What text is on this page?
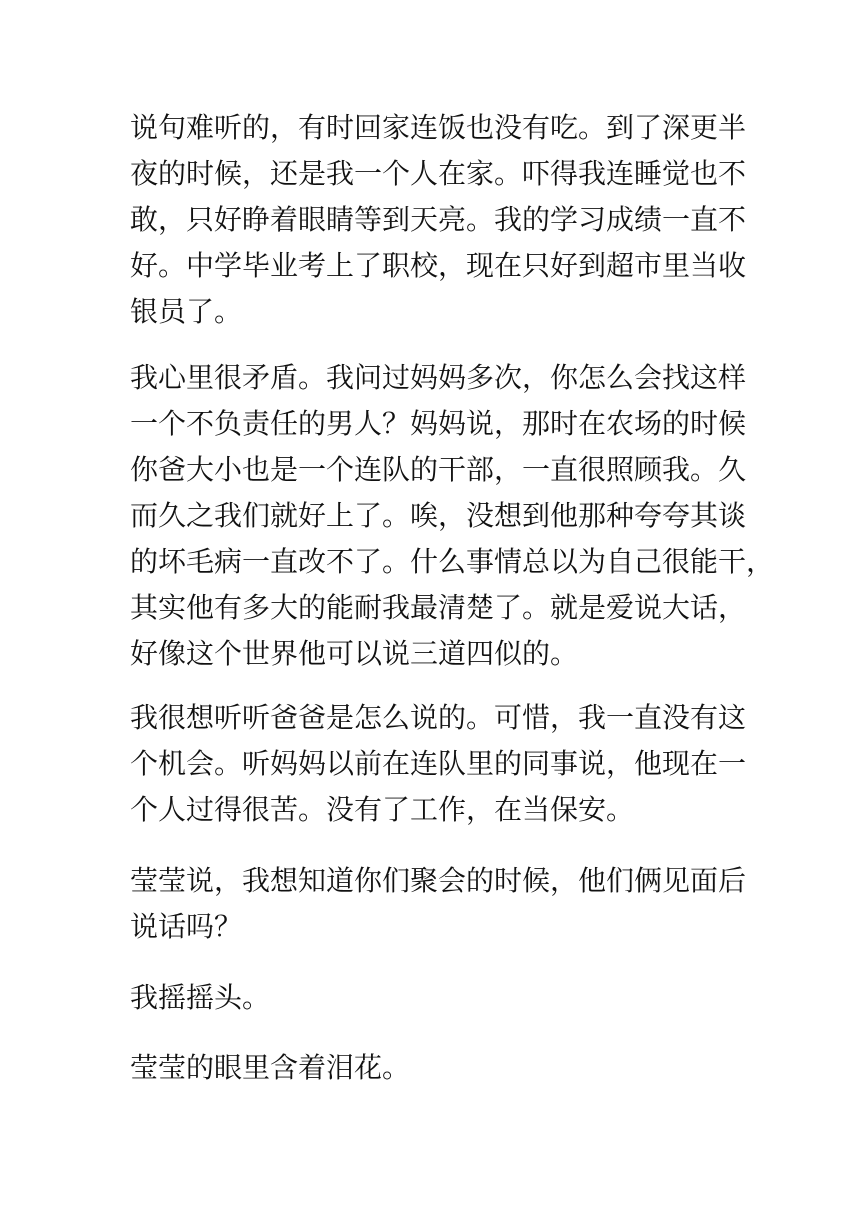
说句难听的，有时回家连饭也没有吃。到了深更半
夜的时候，还是我一个人在家。吓得我连睡觉也不
敢，只好睁着眼睛等到天亮。我的学习成绩一直不
好。中学毕业考上了职校，现在只好到超市里当收
银员了。

我心里很矛盾。我问过妈妈多次，你怎么会找这样
一个不负责任的男人？妈妈说，那时在农场的时候
你爸大小也是一个连队的干部，一直很照顾我。久
而久之我们就好上了。唉，没想到他那种夸夸其谈
的坏毛病一直改不了。什么事情总以为自己很能干，
其实他有多大的能耐我最清楚了。就是爱说大话，
好像这个世界他可以说三道四似的。

我很想听听爸爸是怎么说的。可惜，我一直没有这
个机会。听妈妈以前在连队里的同事说，他现在一
个人过得很苦。没有了工作，在当保安。

莹莹说，我想知道你们聚会的时候，他们俩见面后
说话吗？

我摇摇头。

莹莹的眼里含着泪花。
